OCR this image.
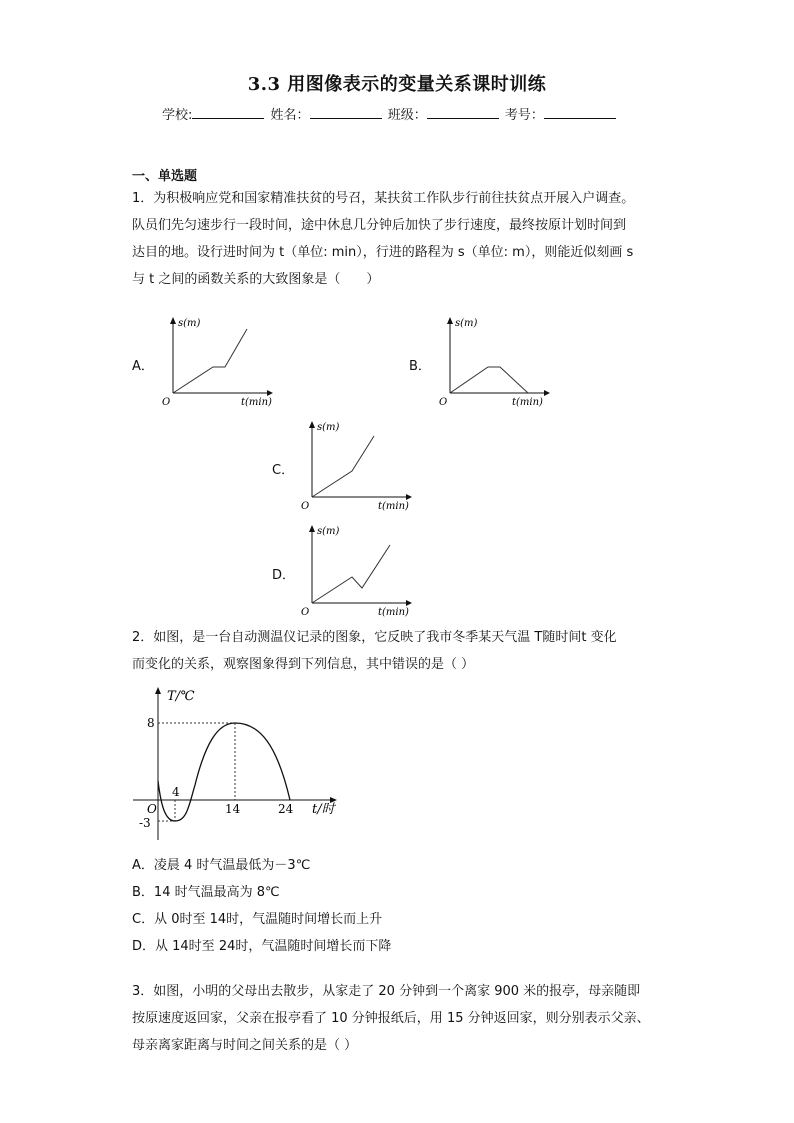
3.3 用图像表示的变量关系课时训练
学校:	姓名：	班级：	考号：
一、单选题
1．为积极响应党和国家精准扶贫的号召，某扶贫工作队步行前往扶贫点开展入户调查。
队员们先匀速步行一段时间，途中休息几分钟后加快了步行速度，最终按原计划时间到
达目的地。设行进时间为 t（单位: min），行进的路程为 s（单位: m），则能近似刻画 s
与 t 之间的函数关系的大致图象是（　　）
A．	B．
C．
D．
s(m)
t(min)
O
s(m)
t(min)
O
s(m)
t(min)
O
s(m)
t(min)
O
2．如图，是一台自动测温仪记录的图象，它反映了我市冬季某天气温 T随时间t 变化
而变化的关系，观察图象得到下列信息，其中错误的是（ ）
T/℃
t/时
O
8
-3
4
14	24
A．凌晨 4 时气温最低为－3℃
B．14 时气温最高为 8℃
C．从 0时至 14时，气温随时间增长而上升
D．从 14时至 24时，气温随时间增长而下降
3．如图，小明的父母出去散步，从家走了 20 分钟到一个离家 900 米的报亭，母亲随即
按原速度返回家，父亲在报亭看了 10 分钟报纸后，用 15 分钟返回家，则分别表示父亲、
母亲离家距离与时间之间关系的是（ ）
